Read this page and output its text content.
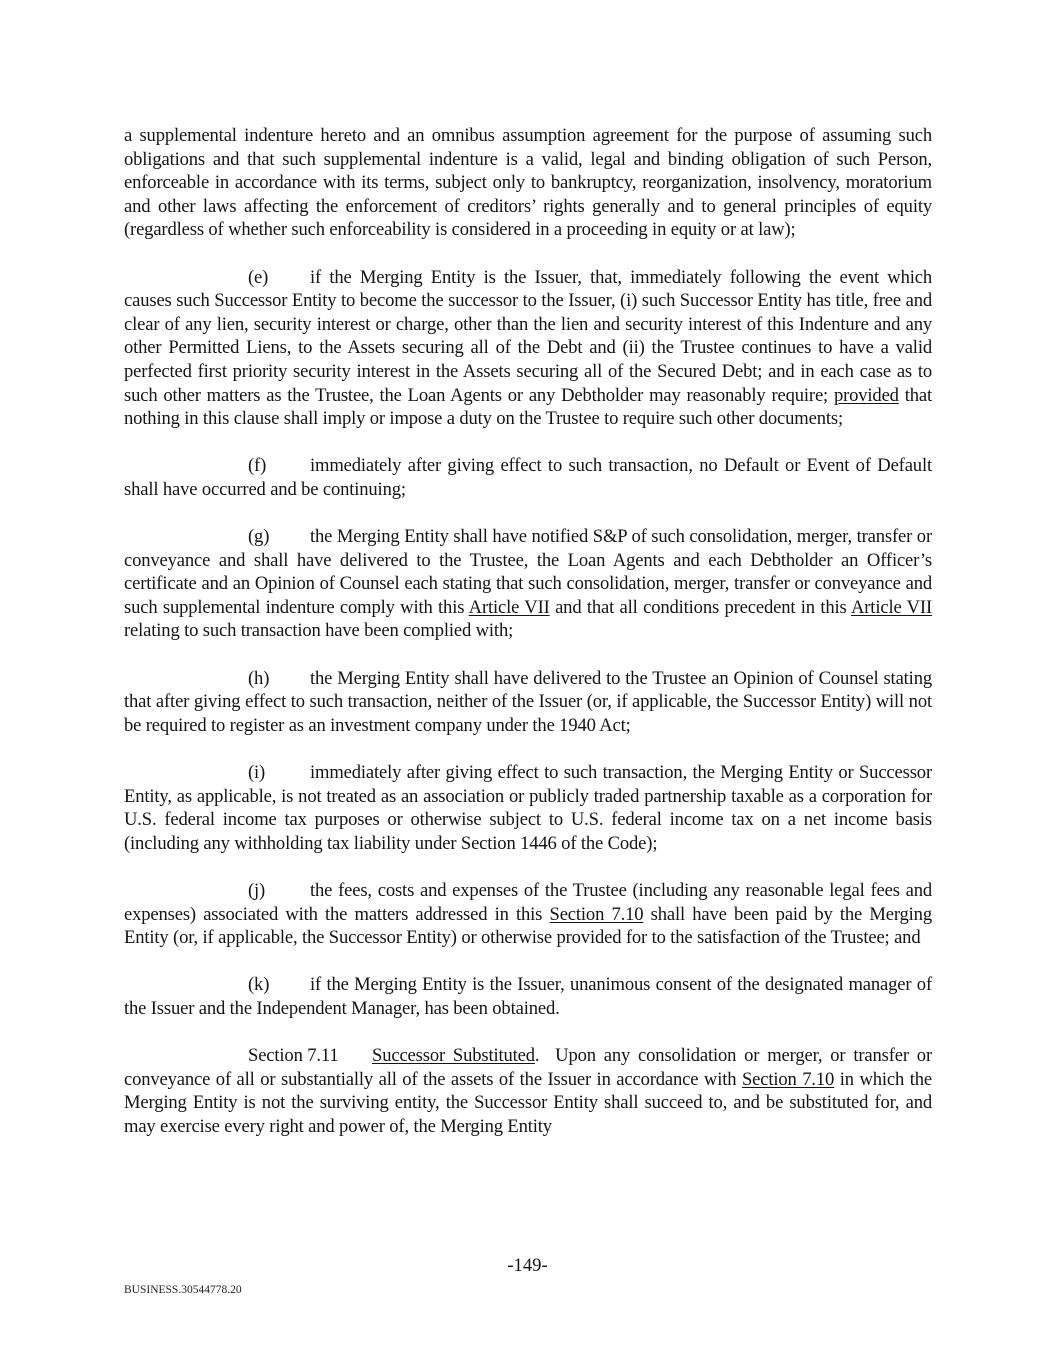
a supplemental indenture hereto and an omnibus assumption agreement for the purpose of assuming such obligations and that such supplemental indenture is a valid, legal and binding obligation of such Person, enforceable in accordance with its terms, subject only to bankruptcy, reorganization, insolvency, moratorium and other laws affecting the enforcement of creditors’ rights generally and to general principles of equity (regardless of whether such enforceability is considered in a proceeding in equity or at law);

(e) if the Merging Entity is the Issuer, that, immediately following the event which causes such Successor Entity to become the successor to the Issuer, (i) such Successor Entity has title, free and clear of any lien, security interest or charge, other than the lien and security interest of this Indenture and any other Permitted Liens, to the Assets securing all of the Debt and (ii) the Trustee continues to have a valid perfected first priority security interest in the Assets securing all of the Secured Debt; and in each case as to such other matters as the Trustee, the Loan Agents or any Debtholder may reasonably require; provided that nothing in this clause shall imply or impose a duty on the Trustee to require such other documents;

(f) immediately after giving effect to such transaction, no Default or Event of Default shall have occurred and be continuing;

(g) the Merging Entity shall have notified S&P of such consolidation, merger, transfer or conveyance and shall have delivered to the Trustee, the Loan Agents and each Debtholder an Officer’s certificate and an Opinion of Counsel each stating that such consolidation, merger, transfer or conveyance and such supplemental indenture comply with this Article VII and that all conditions precedent in this Article VII relating to such transaction have been complied with;

(h) the Merging Entity shall have delivered to the Trustee an Opinion of Counsel stating that after giving effect to such transaction, neither of the Issuer (or, if applicable, the Successor Entity) will not be required to register as an investment company under the 1940 Act;

(i) immediately after giving effect to such transaction, the Merging Entity or Successor Entity, as applicable, is not treated as an association or publicly traded partnership taxable as a corporation for U.S. federal income tax purposes or otherwise subject to U.S. federal income tax on a net income basis (including any withholding tax liability under Section 1446 of the Code);

(j) the fees, costs and expenses of the Trustee (including any reasonable legal fees and expenses) associated with the matters addressed in this Section 7.10 shall have been paid by the Merging Entity (or, if applicable, the Successor Entity) or otherwise provided for to the satisfaction of the Trustee; and

(k) if the Merging Entity is the Issuer, unanimous consent of the designated manager of the Issuer and the Independent Manager, has been obtained.

Section 7.11 Successor Substituted.  Upon any consolidation or merger, or transfer or conveyance of all or substantially all of the assets of the Issuer in accordance with Section 7.10 in which the Merging Entity is not the surviving entity, the Successor Entity shall succeed to, and be substituted for, and may exercise every right and power of, the Merging Entity

-149-
BUSINESS.30544778.20
